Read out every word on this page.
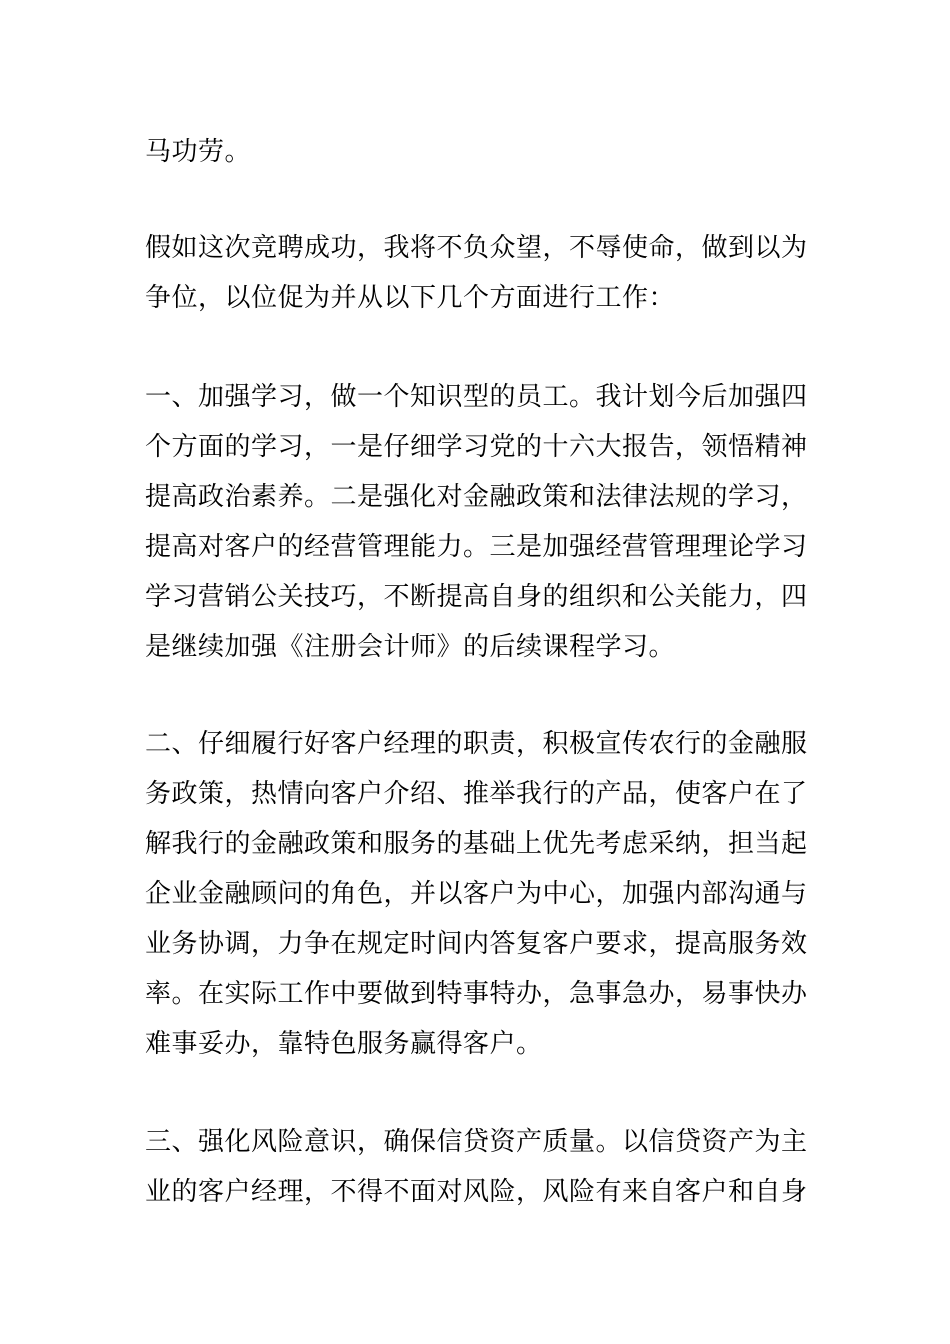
马功劳。
假如这次竞聘成功，我将不负众望，不辱使命，做到以为
争位，以位促为并从以下几个方面进行工作：
一、加强学习，做一个知识型的员工。我计划今后加强四
个方面的学习，一是仔细学习党的十六大报告，领悟精神
提高政治素养。二是强化对金融政策和法律法规的学习，
提高对客户的经营管理能力。三是加强经营管理理论学习
学习营销公关技巧，不断提高自身的组织和公关能力，四
是继续加强《注册会计师》的后续课程学习。
二、仔细履行好客户经理的职责，积极宣传农行的金融服
务政策，热情向客户介绍、推举我行的产品，使客户在了
解我行的金融政策和服务的基础上优先考虑采纳，担当起
企业金融顾问的角色，并以客户为中心，加强内部沟通与
业务协调，力争在规定时间内答复客户要求，提高服务效
率。在实际工作中要做到特事特办，急事急办，易事快办
难事妥办，靠特色服务赢得客户。
三、强化风险意识，确保信贷资产质量。以信贷资产为主
业的客户经理，不得不面对风险，风险有来自客户和自身
